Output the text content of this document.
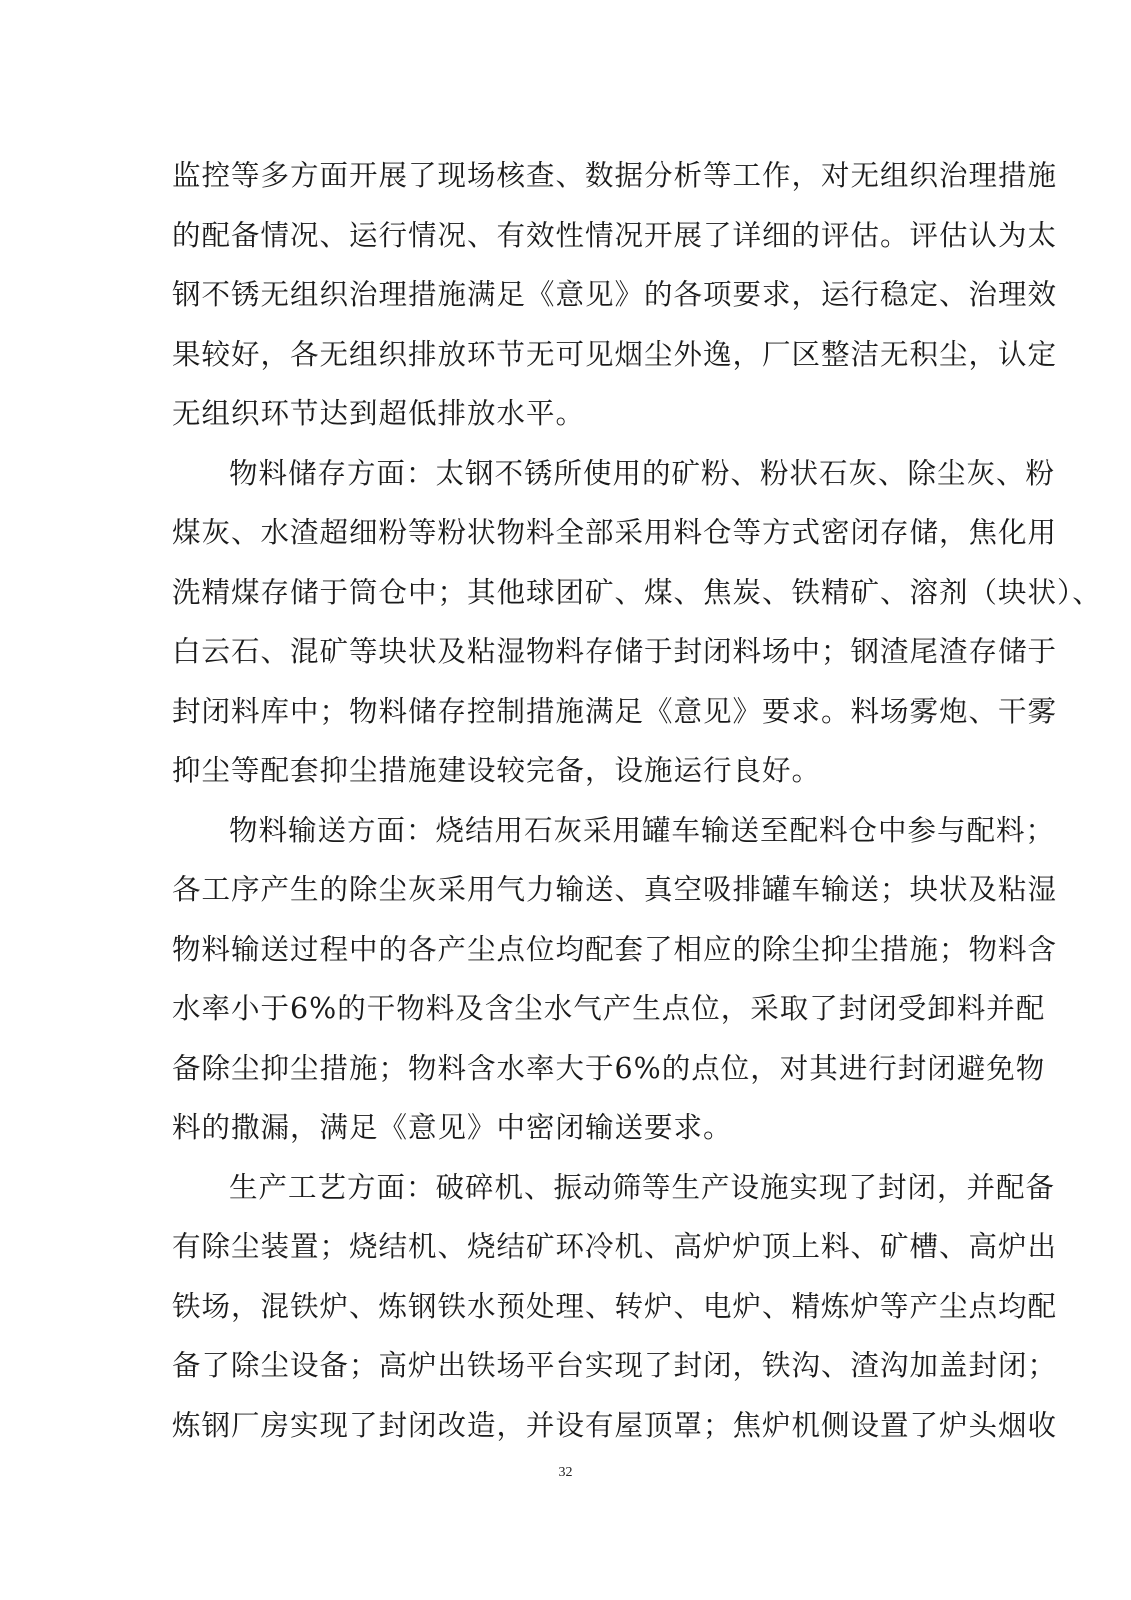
监控等多方面开展了现场核查、数据分析等工作，对无组织治理措施
的配备情况、运行情况、有效性情况开展了详细的评估。评估认为太
钢不锈无组织治理措施满足《意见》的各项要求，运行稳定、治理效
果较好，各无组织排放环节无可见烟尘外逸，厂区整洁无积尘，认定
无组织环节达到超低排放水平。
物料储存方面：太钢不锈所使用的矿粉、粉状石灰、除尘灰、粉
煤灰、水渣超细粉等粉状物料全部采用料仓等方式密闭存储，焦化用
洗精煤存储于筒仓中；其他球团矿、煤、焦炭、铁精矿、溶剂（块状）、
白云石、混矿等块状及粘湿物料存储于封闭料场中；钢渣尾渣存储于
封闭料库中；物料储存控制措施满足《意见》要求。料场雾炮、干雾
抑尘等配套抑尘措施建设较完备，设施运行良好。
物料输送方面：烧结用石灰采用罐车输送至配料仓中参与配料；
各工序产生的除尘灰采用气力输送、真空吸排罐车输送；块状及粘湿
物料输送过程中的各产尘点位均配套了相应的除尘抑尘措施；物料含
水率小于6%的干物料及含尘水气产生点位，采取了封闭受卸料并配
备除尘抑尘措施；物料含水率大于6%的点位，对其进行封闭避免物
料的撒漏，满足《意见》中密闭输送要求。
生产工艺方面：破碎机、振动筛等生产设施实现了封闭，并配备
有除尘装置；烧结机、烧结矿环冷机、高炉炉顶上料、矿槽、高炉出
铁场，混铁炉、炼钢铁水预处理、转炉、电炉、精炼炉等产尘点均配
备了除尘设备；高炉出铁场平台实现了封闭，铁沟、渣沟加盖封闭；
炼钢厂房实现了封闭改造，并设有屋顶罩；焦炉机侧设置了炉头烟收
32
